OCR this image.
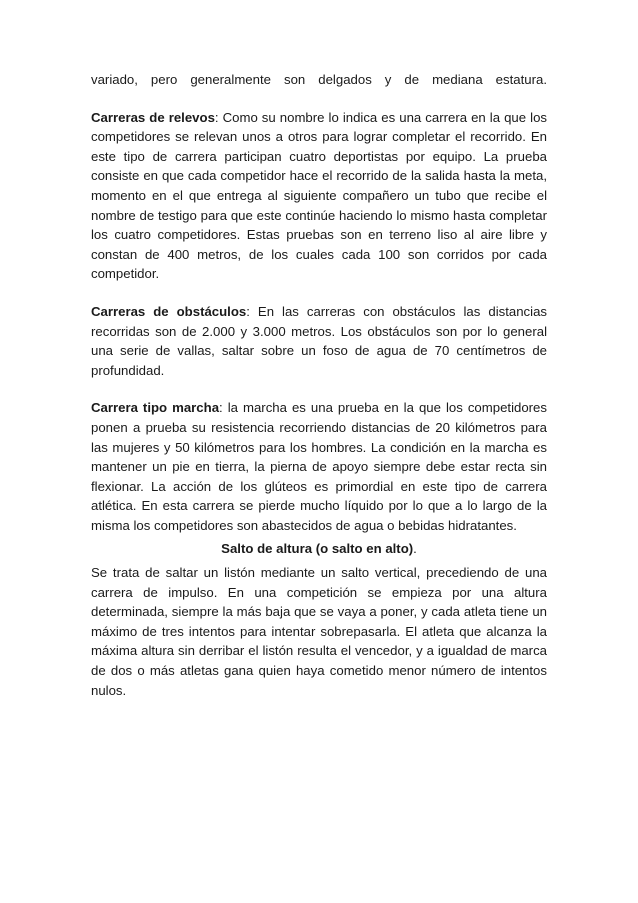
variado, pero generalmente son delgados y de mediana estatura.

Carreras de relevos: Como su nombre lo indica es una carrera en la que los competidores se relevan unos a otros para lograr completar el recorrido. En este tipo de carrera participan cuatro deportistas por equipo. La prueba consiste en que cada competidor hace el recorrido de la salida hasta la meta, momento en el que entrega al siguiente compañero un tubo que recibe el nombre de testigo para que este continúe haciendo lo mismo hasta completar los cuatro competidores. Estas pruebas son en terreno liso al aire libre y constan de 400 metros, de los cuales cada 100 son corridos por cada competidor.

Carreras de obstáculos: En las carreras con obstáculos las distancias recorridas son de 2.000 y 3.000 metros. Los obstáculos son por lo general una serie de vallas, saltar sobre un foso de agua de 70 centímetros de profundidad.

Carrera tipo marcha: la marcha es una prueba en la que los competidores ponen a prueba su resistencia recorriendo distancias de 20 kilómetros para las mujeres y 50 kilómetros para los hombres. La condición en la marcha es mantener un pie en tierra, la pierna de apoyo siempre debe estar recta sin flexionar. La acción de los glúteos es primordial en este tipo de carrera atlética. En esta carrera se pierde mucho líquido por lo que a lo largo de la misma los competidores son abastecidos de agua o bebidas hidratantes.

Salto de altura (o salto en alto).

Se trata de saltar un listón mediante un salto vertical, precediendo de una carrera de impulso. En una competición se empieza por una altura determinada, siempre la más baja que se vaya a poner, y cada atleta tiene un máximo de tres intentos para intentar sobrepasarla. El atleta que alcanza la máxima altura sin derribar el listón resulta el vencedor, y a igualdad de marca de dos o más atletas gana quien haya cometido menor número de intentos nulos.
